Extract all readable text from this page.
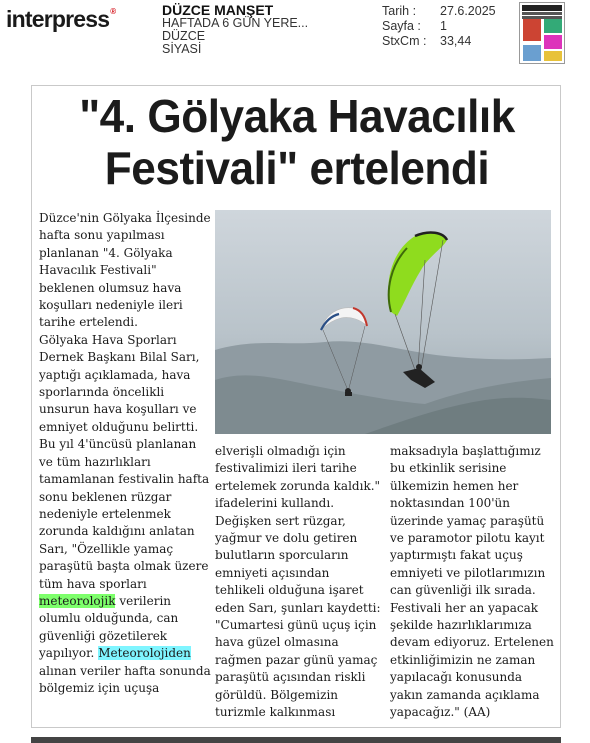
interpress®	DÜZCE MANŞET
HAFTADA 6 GÜN YERE...
DÜZCE
SİYASİ
Tarih :	27.6.2025
Sayfa :	1
StxCm :	33,44
"4. Gölyaka Havacılık
Festivali" ertelendi

Düzce'nin Gölyaka İlçesinde hafta sonu yapılması planlanan "4. Gölyaka Havacılık Festivali" beklenen olumsuz hava koşulları nedeniyle ileri tarihe ertelendi.

Gölyaka Hava Sporları Dernek Başkanı Bilal Sarı, yaptığı açıklamada, hava sporlarında öncelikli unsurun hava koşulları ve emniyet olduğunu belirtti.

Bu yıl 4'üncüsü planlanan ve tüm hazırlıkları tamamlanan festivalin hafta sonu beklenen rüzgar nedeniyle ertelenmek zorunda kaldığını anlatan Sarı, "Özellikle yamaç paraşütü başta olmak üzere tüm hava sporları meteorolojik verilerin olumlu olduğunda, can güvenliği gözetilerek yapılıyor. Meteorolojiden alınan veriler hafta sonunda bölgemiz için uçuşa

elverişli olmadığı için festivalimizi ileri tarihe ertelemek zorunda kaldık." ifadelerini kullandı. Değişken sert rüzgar, yağmur ve dolu getiren bulutların sporcuların emniyeti açısından tehlikeli olduğuna işaret eden Sarı, şunları kaydetti: "Cumartesi günü uçuş için hava güzel olmasına rağmen pazar günü yamaç paraşütü açısından riskli görüldü. Bölgemizin turizmle kalkınması

maksadıyla başlattığımız bu etkinlik serisine ülkemizin hemen her noktasından 100'ün üzerinde yamaç paraşütü ve paramotor pilotu kayıt yaptırmıştı fakat uçuş emniyeti ve pilotlarımızın can güvenliği ilk sırada. Festivali her an yapacak şekilde hazırlıklarımıza devam ediyoruz. Ertelenen etkinliğimizin ne zaman yapılacağı konusunda yakın zamanda açıklama yapacağız." (AA)
